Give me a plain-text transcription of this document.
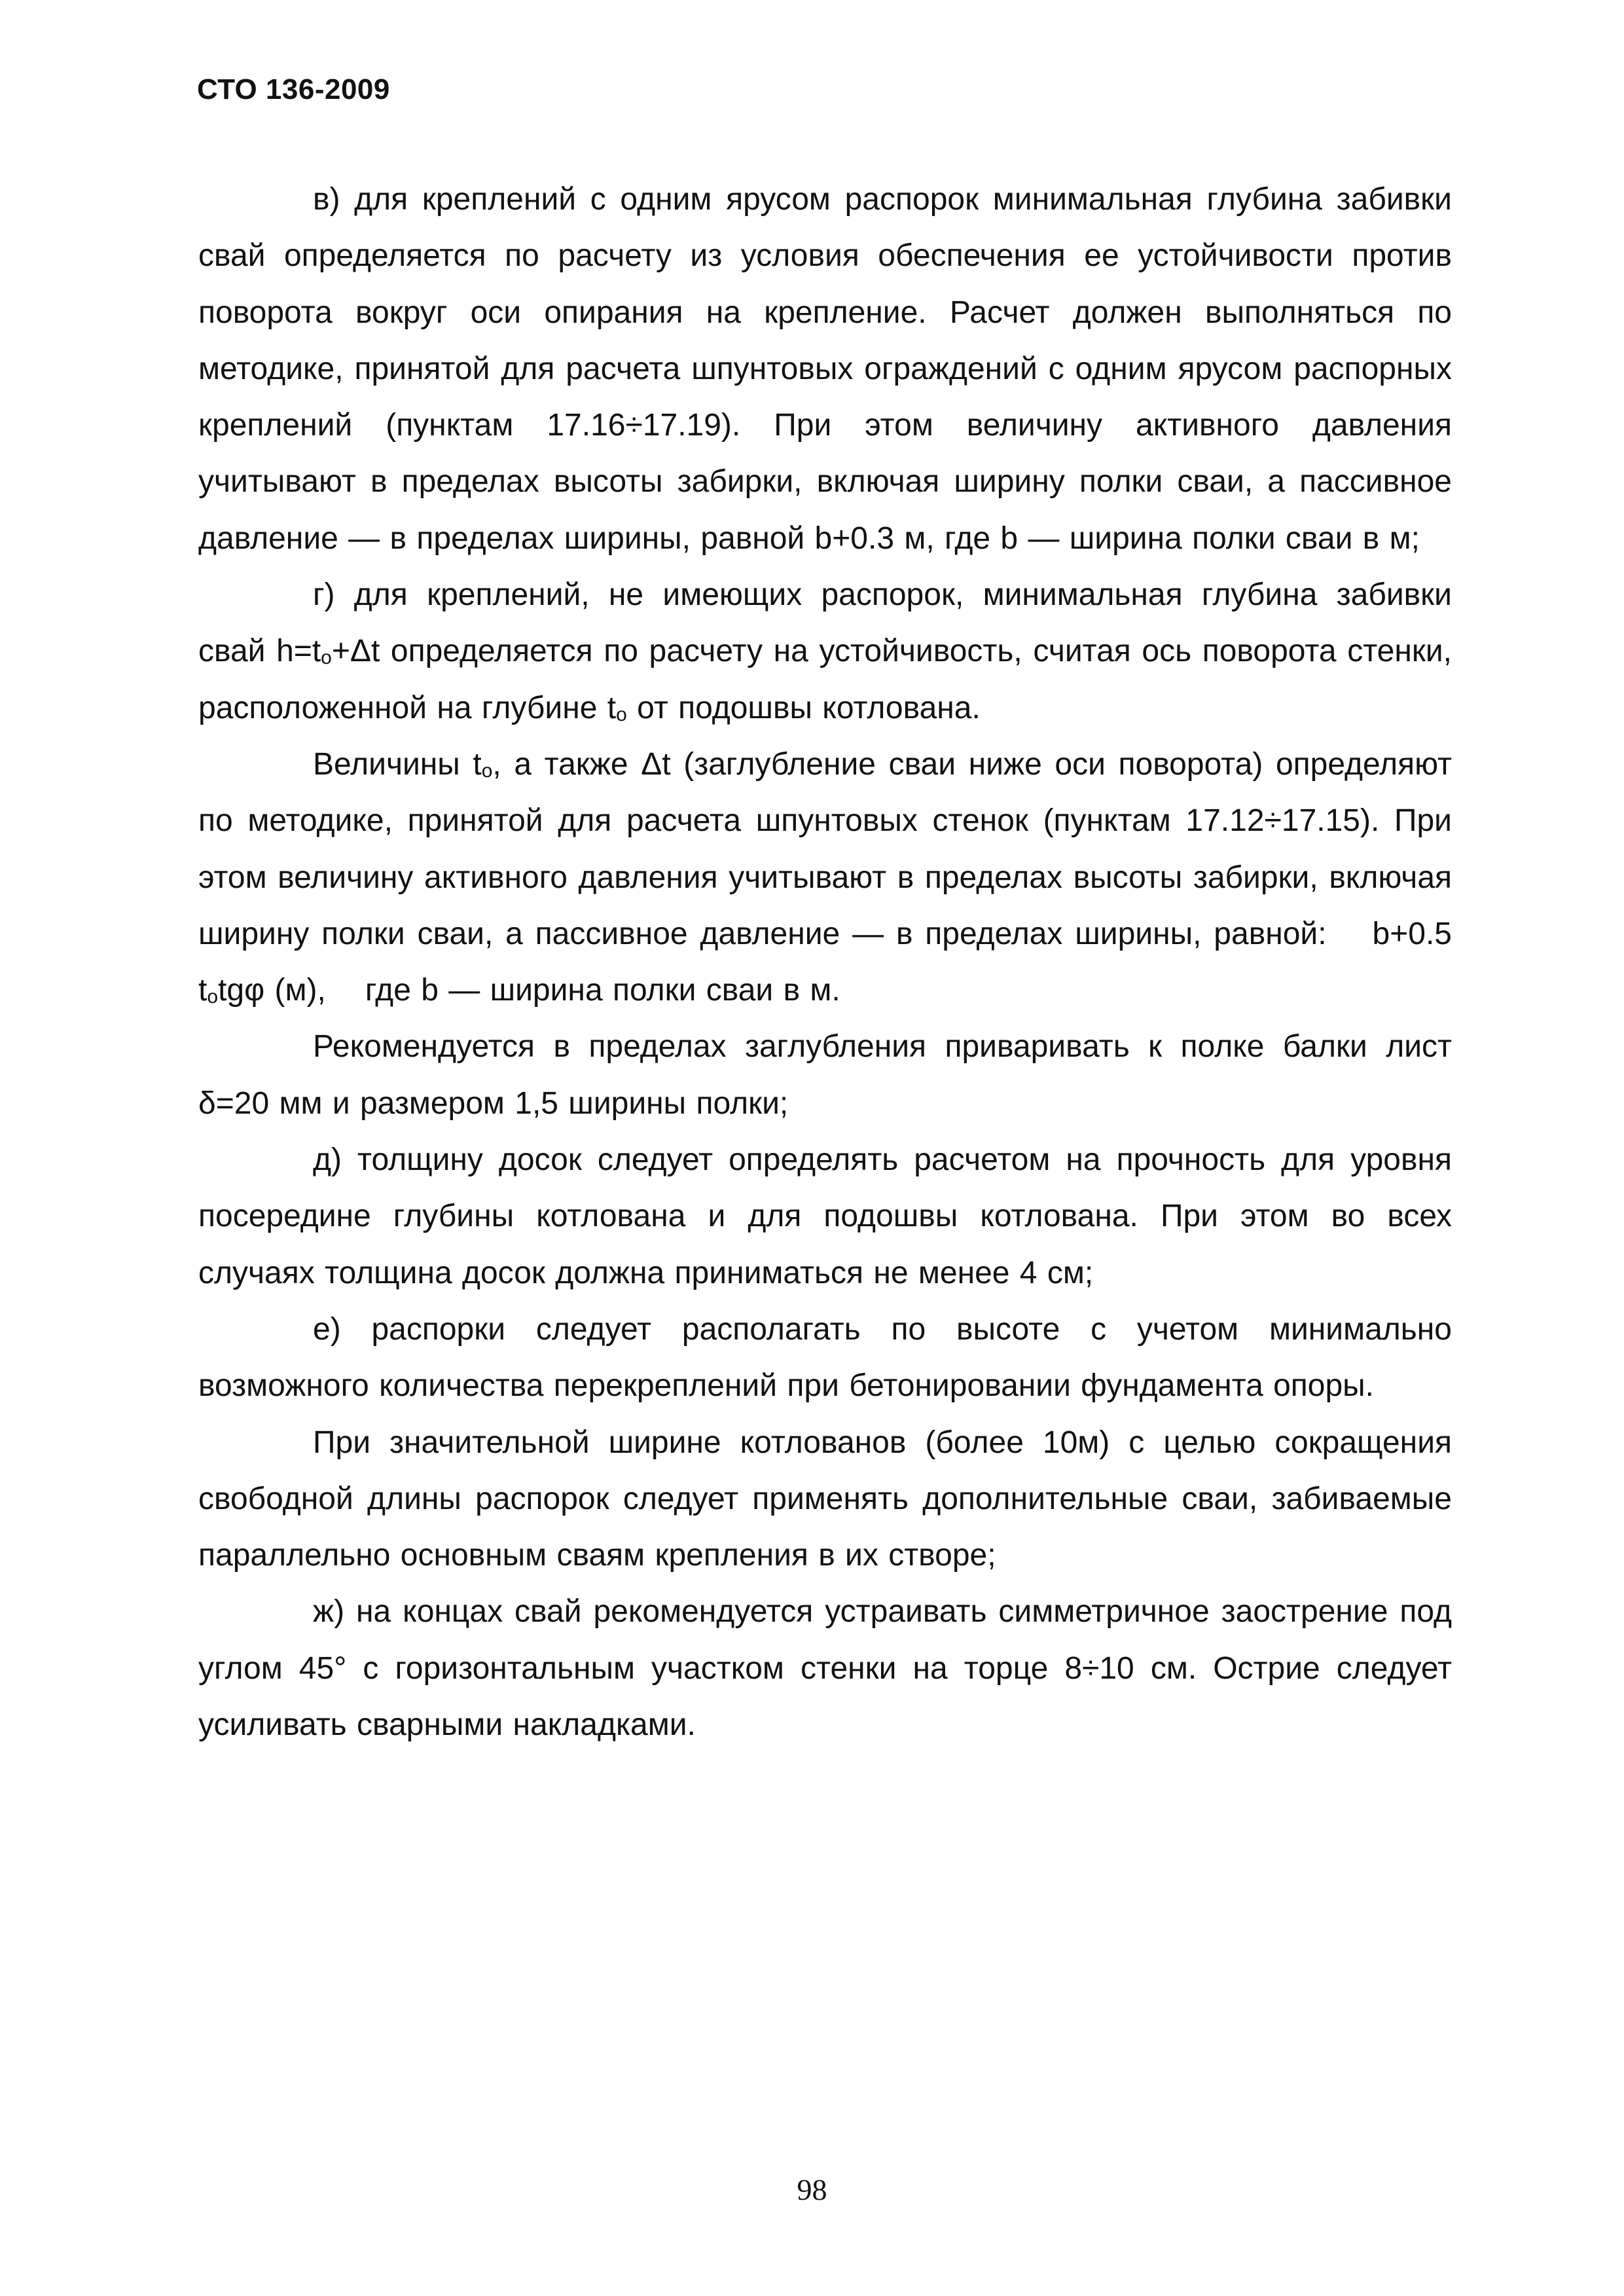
СТО 136-2009

в) для креплений с одним ярусом распорок минимальная глубина забивки свай определяется по расчету из условия обеспечения ее устойчивости против поворота вокруг оси опирания на крепление. Расчет должен выполняться по методике, принятой для расчета шпунтовых ограждений с одним ярусом распорных креплений (пунктам 17.16÷17.19). При этом величину активного давления учитывают в пределах высоты забирки, включая ширину полки сваи, а пассивное давление — в пределах ширины, равной b+0.3 м, где b — ширина полки сваи в м;

г) для креплений, не имеющих распорок, минимальная глубина забивки свай $h=t_o+\Delta t$ определяется по расчету на устойчивость, считая ось поворота стенки, расположенной на глубине $t_o$ от подошвы котлована.

Величины $t_o$, а также Δt (заглубление сваи ниже оси поворота) определяют по методике, принятой для расчета шпунтовых стенок (пунктам 17.12÷17.15). При этом величину активного давления учитывают в пределах высоты забирки, включая ширину полки сваи, а пассивное давление — в пределах ширины, равной: b+0.5 $t_otg\varphi$ (м), где b — ширина полки сваи в м.

Рекомендуется в пределах заглубления приваривать к полке балки лист δ=20 мм и размером 1,5 ширины полки;

д) толщину досок следует определять расчетом на прочность для уровня посередине глубины котлована и для подошвы котлована. При этом во всех случаях толщина досок должна приниматься не менее 4 см;

е) распорки следует располагать по высоте с учетом минимально возможного количества перекреплений при бетонировании фундамента опоры.

При значительной ширине котлованов (более 10м) с целью сокращения свободной длины распорок следует применять дополнительные сваи, забиваемые параллельно основным сваям крепления в их створе;

ж) на концах свай рекомендуется устраивать симметричное заострение под углом 45° с горизонтальным участком стенки на торце 8÷10 см. Острие следует усиливать сварными накладками.

98
